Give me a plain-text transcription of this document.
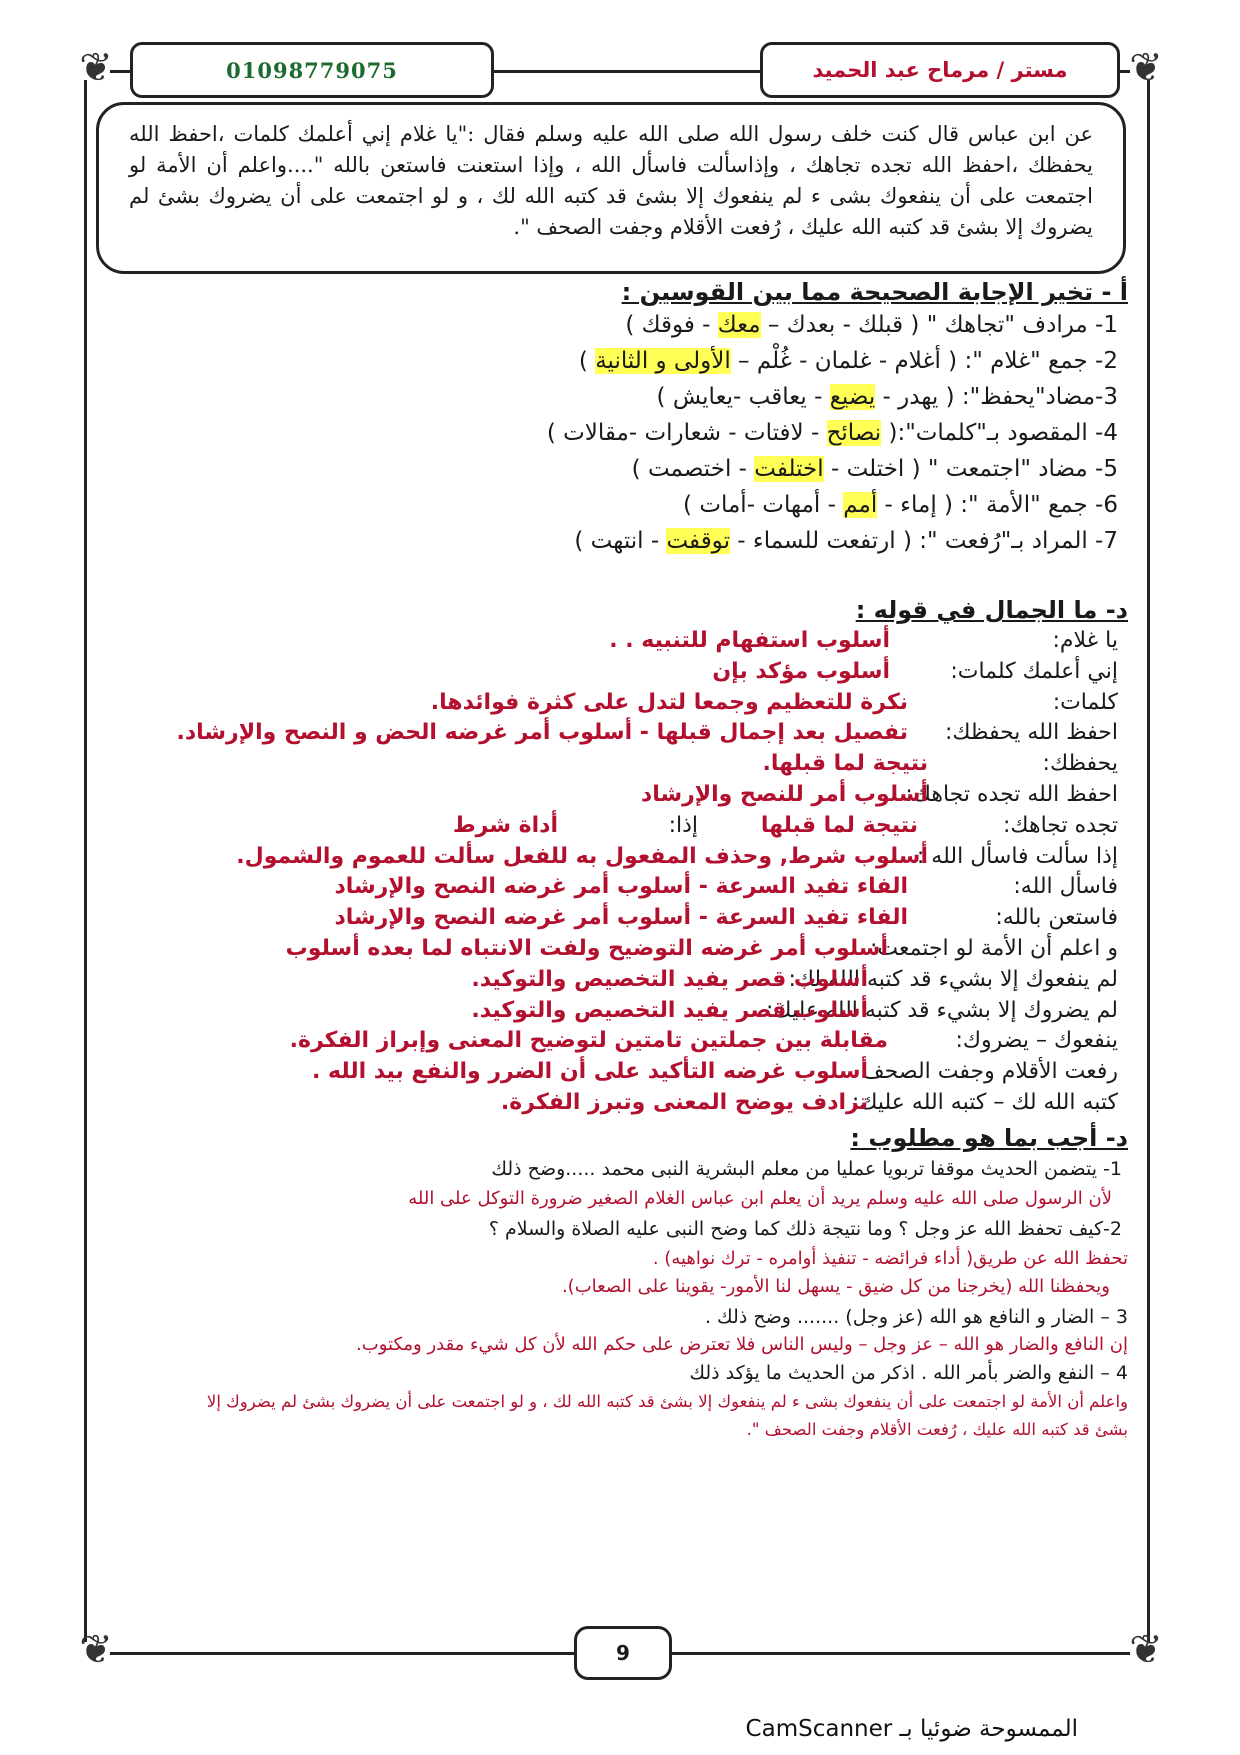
❦	❦
❦	❦
01098779075	مستر / مرماح عبد الحميد
عن ابن عباس قال كنت خلف رسول الله صلى الله عليه وسلم فقال :"يا غلام إني أعلمك كلمات ،احفظ الله يحفظك ،احفظ الله تجده تجاهك ، وإذاسألت فاسأل الله ، وإذا استعنت فاستعن بالله "....واعلم أن الأمة لو اجتمعت على أن ينفعوك بشى ء لم ينفعوك إلا بشئ قد كتبه الله لك ، و لو اجتمعت على أن يضروك بشئ لم يضروك إلا بشئ قد كتبه الله عليك ، رُفعت الأقلام وجفت الصحف ".
أ - تخير الإجابة الصحيحة مما بين القوسين :
1- مرادف "تجاهك " ( قبلك - بعدك – معك - فوقك )
2- جمع "غلام ": ( أغلام - غلمان - غُلْم – الأولى و الثانية )
3-مضاد"يحفظ": ( يهدر - يضيع - يعاقب -يعايش )
4- المقصود بـ"كلمات":( نصائح - لافتات - شعارات -مقالات )
5- مضاد "اجتمعت " ( اختلت - اختلفت - اختصمت )
6- جمع "الأمة ": ( إماء - أمم - أمهات -أمات )
7- المراد بـ"رُفعت ": ( ارتفعت للسماء - توقفت - انتهت )
د- ما الجمال في قوله :
يا غلام:
أسلوب استفهام للتنبيه . .
إني أعلمك كلمات:
أسلوب مؤكد بإن
كلمات:
نكرة للتعظيم وجمعا لتدل على كثرة فوائدها.
احفظ الله يحفظك:
تفصيل بعد إجمال قبلها - أسلوب أمر غرضه الحض و النصح والإرشاد.
يحفظك:
نتيجة لما قبلها.
احفظ الله تجده تجاهك:
أسلوب أمر للنصح والإرشاد
تجده تجاهك:
نتيجة لما قبلها
إذا:
أداة شرط
إذا سألت فاسأل الله :
أسلوب شرط, وحذف المفعول به للفعل سألت للعموم والشمول.
فاسأل الله:
الفاء تفيد السرعة - أسلوب أمر غرضه النصح والإرشاد
فاستعن بالله:
الفاء تفيد السرعة - أسلوب أمر غرضه النصح والإرشاد
و اعلم أن الأمة لو اجتمعت:
أسلوب أمر غرضه التوضيح ولفت الانتباه لما بعده أسلوب
لم ينفعوك إلا بشيء قد كتبه الله لك:
أسلوب قصر يفيد التخصيص والتوكيد.
لم يضروك إلا بشيء قد كتبه الله عليك:
أسلوب قصر يفيد التخصيص والتوكيد.
ينفعوك – يضروك:
مقابلة بين جملتين تامتين لتوضيح المعنى وإبراز الفكرة.
رفعت الأقلام وجفت الصحف
أسلوب غرضه التأكيد على أن الضرر والنفع بيد الله .
كتبه الله لك – كتبه الله عليك:
ترادف يوضح المعنى وتبرز الفكرة.
د- أجب بما هو مطلوب :
1- يتضمن الحديث موقفا تربويا عمليا من معلم البشرية النبى محمد .....وضح ذلك
لأن الرسول صلى الله عليه وسلم يريد أن يعلم ابن عباس الغلام الصغير ضرورة التوكل على الله
2-كيف تحفظ الله عز وجل ؟ وما نتيجة ذلك كما وضح النبى عليه الصلاة والسلام ؟
تحفظ الله عن طريق( أداء فرائضه - تنفيذ أوامره - ترك نواهيه) .
ويحفظنا الله (يخرجنا من كل ضيق - يسهل لنا الأمور- يقوينا على الصعاب).
3 – الضار و النافع هو الله (عز وجل) ....... وضح ذلك .
إن النافع والضار هو الله – عز وجل – وليس الناس فلا تعترض على حكم الله لأن كل شيء مقدر ومكتوب.
4 – النفع والضر بأمر الله . اذكر من الحديث ما يؤكد ذلك
واعلم أن الأمة لو اجتمعت على أن ينفعوك بشى ء لم ينفعوك إلا بشئ قد كتبه الله لك ، و لو اجتمعت على أن يضروك بشئ لم يضروك إلا
بشئ قد كتبه الله عليك ، رُفعت الأقلام وجفت الصحف ".
9
الممسوحة ضوئيا بـ CamScanner
